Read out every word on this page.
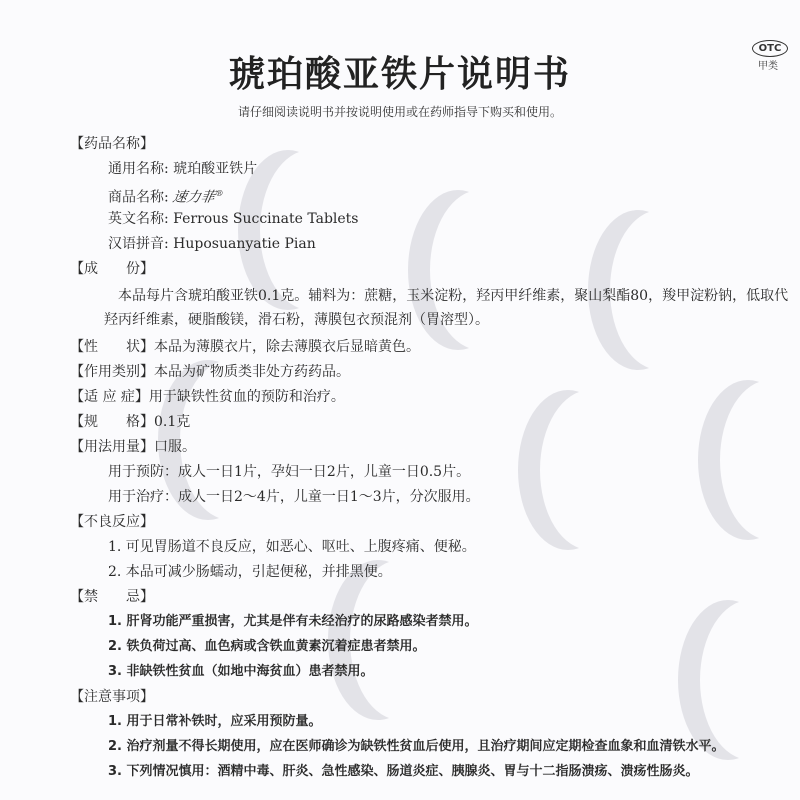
OTC
甲类
琥珀酸亚铁片说明书
请仔细阅读说明书并按说明使用或在药师指导下购买和使用。
【药品名称】
通用名称: 琥珀酸亚铁片
商品名称: 速力菲®
英文名称: Ferrous Succinate Tablets
汉语拼音: Huposuanyatie Pian
【成　　份】
本品每片含琥珀酸亚铁0.1克。辅料为：蔗糖，玉米淀粉，羟丙甲纤维素，聚山梨酯80，羧甲淀粉钠，低取代羟丙纤维素，硬脂酸镁，滑石粉，薄膜包衣预混剂（胃溶型）。
【性　　状】本品为薄膜衣片，除去薄膜衣后显暗黄色。
【作用类别】本品为矿物质类非处方药药品。
【适 应 症】用于缺铁性贫血的预防和治疗。
【规　　格】0.1克
【用法用量】口服。
用于预防：成人一日1片，孕妇一日2片，儿童一日0.5片。
用于治疗：成人一日2～4片，儿童一日1～3片，分次服用。
【不良反应】
1. 可见胃肠道不良反应，如恶心、呕吐、上腹疼痛、便秘。
2. 本品可减少肠蠕动，引起便秘，并排黑便。
【禁　　忌】
1. 肝肾功能严重损害，尤其是伴有未经治疗的尿路感染者禁用。
2. 铁负荷过高、血色病或含铁血黄素沉着症患者禁用。
3. 非缺铁性贫血（如地中海贫血）患者禁用。
【注意事项】
1. 用于日常补铁时，应采用预防量。
2. 治疗剂量不得长期使用，应在医师确诊为缺铁性贫血后使用，且治疗期间应定期检查血象和血清铁水平。
3. 下列情况慎用：酒精中毒、肝炎、急性感染、肠道炎症、胰腺炎、胃与十二指肠溃疡、溃疡性肠炎。
